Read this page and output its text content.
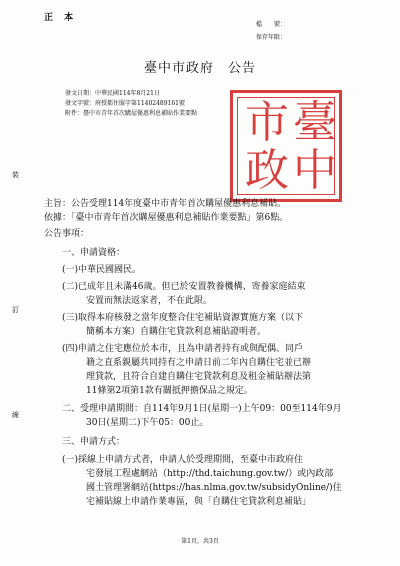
正 本
檔　　號：
保存年限：
臺中市政府　公告
發文日期：中華民國114年8月21日
發文字號：府授都住服字第11402489161號
附件：臺中市青年首次購屋優惠利息補貼作業要點
裝
訂
線
臺
中
市
政
主旨：公告受理114年度臺中市青年首次購屋優惠利息補貼。
依據：「臺中市青年首次購屋優惠利息補貼作業要點」第6點。
公告事項：
一、申請資格：
(一)中華民國國民。
(二)已成年且未滿46歲。但已於安置教養機構、寄養家庭結束
安置而無法返家者，不在此限。
(三)取得本府核發之當年度整合住宅補貼資源實施方案（以下
簡稱本方案）自購住宅貸款利息補貼證明者。
(四)申請之住宅應位於本市，且為申請者持有或與配偶、同戶
籍之直系親屬共同持有之申請日前二年內自購住宅並已辦
理貸款，且符合自建自購住宅貸款利息及租金補貼辦法第
11條第2項第1款有關抵押擔保品之規定。
二、受理申請期間：自114年9月1日(星期一)上午09：00至114年9月
30日(星期二)下午05：00止。
三、申請方式：
(一)採線上申請方式者，申請人於受理期間，至臺中市政府住
宅發展工程處網站（http://thd.taichung.gov.tw/）或內政部
國土管理署網站(https://has.nlma.gov.tw/subsidyOnline/)住
宅補貼線上申請作業專區，與「自購住宅貸款利息補貼」
第1頁，共3頁
